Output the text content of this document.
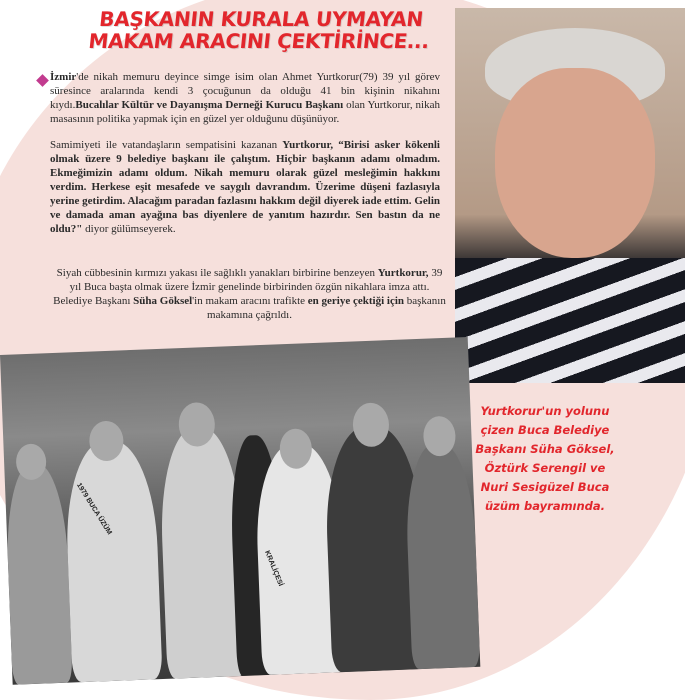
BAŞKANIN KURALA UYMAYAN
MAKAM ARACINI ÇEKTİRİNCE...

İzmir'de nikah memuru deyince simge isim olan Ahmet Yurtkorur(79) 39 yıl görev süresince aralarında kendi 3 çocuğunun da olduğu 41 bin kişinin nikahını kıydı.Bucalılar Kültür ve Dayanışma Derneği Kurucu Başkanı olan Yurtkorur, nikah masasının politika yapmak için en güzel yer olduğunu düşünüyor.

Samimiyeti ile vatandaşların sempatisini kazanan Yurtkorur, “Birisi asker kökenli olmak üzere 9 belediye başkanı ile çalıştım. Hiçbir başkanın adamı olmadım. Ekmeğimizin adamı oldum. Nikah memuru olarak güzel mesleğimin hakkını verdim. Herkese eşit mesafede ve saygılı davrandım. Üzerime düşeni fazlasıyla yerine getirdim. Alacağım paradan fazlasını hakkım değil diyerek iade ettim. Gelin ve damada aman ayağına bas diyenlere de yanıtım hazırdır. Sen bastın da ne oldu?" diyor gülümseyerek.

Siyah cübbesinin kırmızı yakası ile sağlıklı yanakları birbirine benzeyen Yurtkorur, 39 yıl Buca başta olmak üzere İzmir genelinde birbirinden özgün nikahlara imza attı. Belediye Başkanı Süha Göksel'in makam aracını trafikte en geriye çektiği için başkanın makamına çağrıldı.
1979 BUCA ÜZÜM
KRALİÇESİ
Yurtkorur'un yolunu çizen Buca Belediye Başkanı Süha Göksel, Öztürk Serengil ve Nuri Sesigüzel Buca üzüm bayramında.
